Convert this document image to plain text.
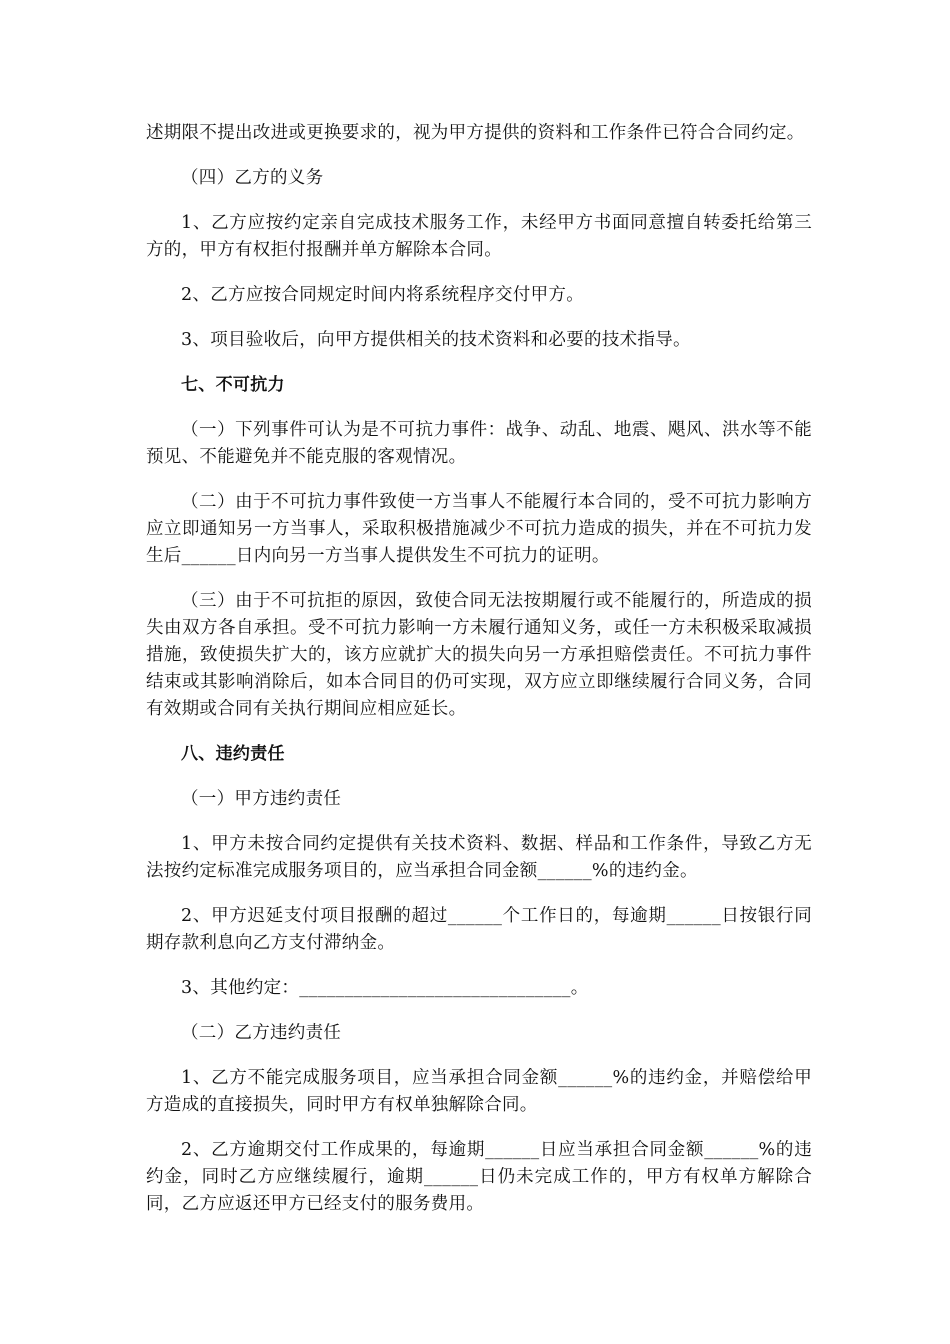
述期限不提出改进或更换要求的，视为甲方提供的资料和工作条件已符合合同约定。

（四）乙方的义务

1、乙方应按约定亲自完成技术服务工作，未经甲方书面同意擅自转委托给第三方的，甲方有权拒付报酬并单方解除本合同。

2、乙方应按合同规定时间内将系统程序交付甲方。

3、项目验收后，向甲方提供相关的技术资料和必要的技术指导。

七、不可抗力

（一）下列事件可认为是不可抗力事件：战争、动乱、地震、飓风、洪水等不能预见、不能避免并不能克服的客观情况。

（二）由于不可抗力事件致使一方当事人不能履行本合同的，受不可抗力影响方应立即通知另一方当事人，采取积极措施减少不可抗力造成的损失，并在不可抗力发生后______日内向另一方当事人提供发生不可抗力的证明。

（三）由于不可抗拒的原因，致使合同无法按期履行或不能履行的，所造成的损失由双方各自承担。受不可抗力影响一方未履行通知义务，或任一方未积极采取减损措施，致使损失扩大的，该方应就扩大的损失向另一方承担赔偿责任。不可抗力事件结束或其影响消除后，如本合同目的仍可实现，双方应立即继续履行合同义务，合同有效期或合同有关执行期间应相应延长。

八、违约责任

（一）甲方违约责任

1、甲方未按合同约定提供有关技术资料、数据、样品和工作条件，导致乙方无法按约定标准完成服务项目的，应当承担合同金额______%的违约金。

2、甲方迟延支付项目报酬的超过______个工作日的，每逾期______日按银行同期存款利息向乙方支付滞纳金。

3、其他约定：______________________________。

（二）乙方违约责任

1、乙方不能完成服务项目，应当承担合同金额______%的违约金，并赔偿给甲方造成的直接损失，同时甲方有权单独解除合同。

2、乙方逾期交付工作成果的，每逾期______日应当承担合同金额______%的违约金，同时乙方应继续履行，逾期______日仍未完成工作的，甲方有权单方解除合同，乙方应返还甲方已经支付的服务费用。
